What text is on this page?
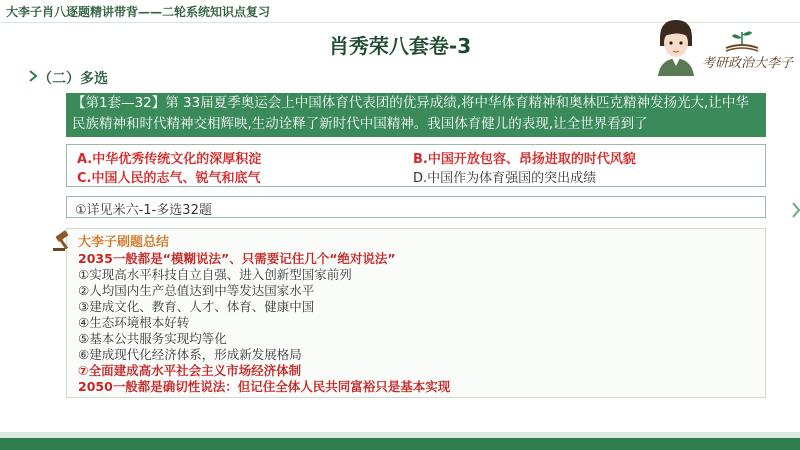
大李子肖八逐题精讲带背——二轮系统知识点复习
肖秀荣八套卷-3
考研政治大李子
（二）多选
【第1套—32】第 33届夏季奥运会上中国体育代表团的优异成绩,将中华体育精神和奥林匹克精神发扬光大,让中华民族精神和时代精神交相辉映,生动诠释了新时代中国精神。我国体育健儿的表现,让全世界看到了
A.中华优秀传统文化的深厚积淀	B.中国开放包容、昂扬进取的时代风貌
C.中国人民的志气、锐气和底气	D.中国作为体育强国的突出成绩
①详见米六-1-多选32题
大李子刷题总结
2035一般都是“模糊说法”、只需要记住几个“绝对说法”
①实现高水平科技自立自强、进入创新型国家前列
②人均国内生产总值达到中等发达国家水平
③建成文化、教育、人才、体育、健康中国
④生态环境根本好转
⑤基本公共服务实现均等化
⑥建成现代化经济体系，形成新发展格局
⑦全面建成高水平社会主义市场经济体制
2050一般都是确切性说法：但记住全体人民共同富裕只是基本实现
